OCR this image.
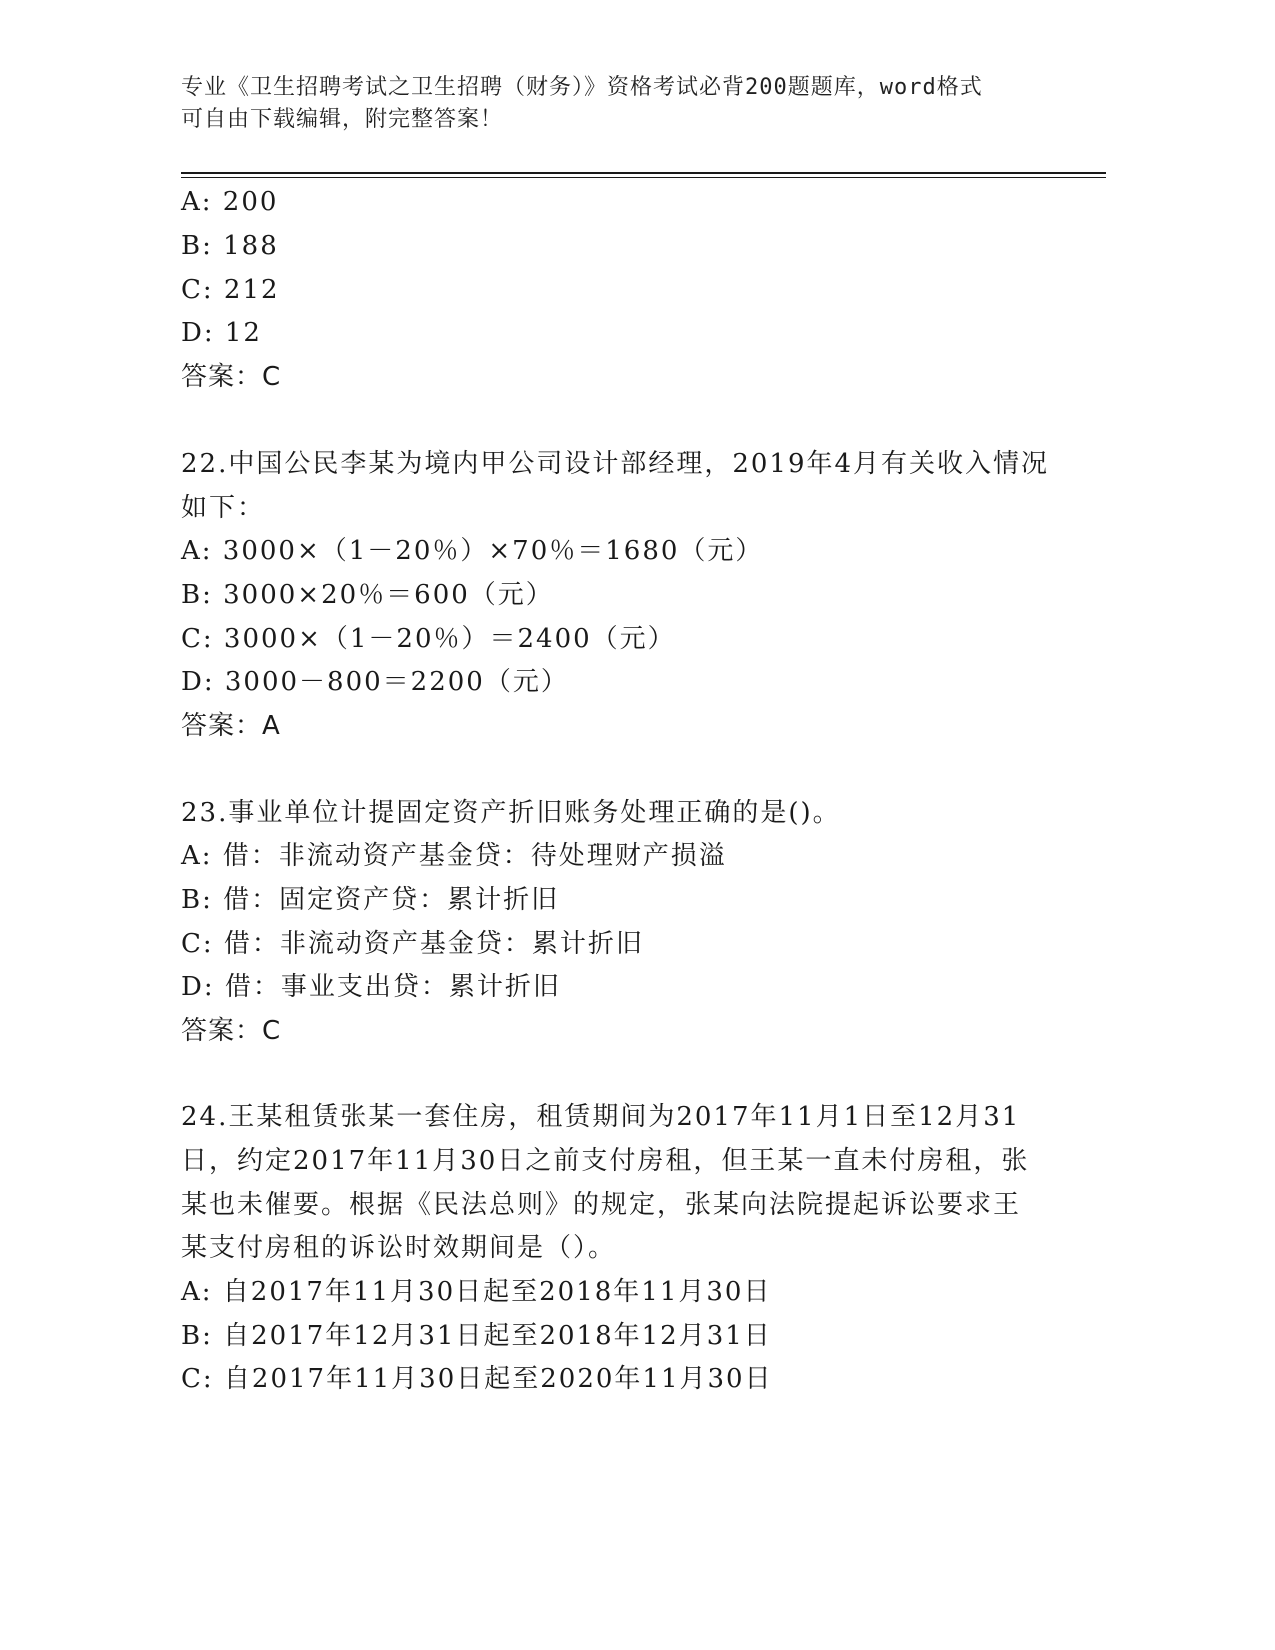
专业《卫生招聘考试之卫生招聘（财务）》资格考试必背200题题库，word格式
可自由下载编辑，附完整答案！
A: 200
B: 188
C: 212
D: 12
答案：C
22.中国公民李某为境内甲公司设计部经理，2019年4月有关收入情况
如下：
A: 3000×（1－20％）×70％＝1680（元）
B: 3000×20％＝600（元）
C: 3000×（1－20％）＝2400（元）
D: 3000－800＝2200（元）
答案：A
23.事业单位计提固定资产折旧账务处理正确的是()。
A: 借：非流动资产基金贷：待处理财产损溢
B: 借：固定资产贷：累计折旧
C: 借：非流动资产基金贷：累计折旧
D: 借：事业支出贷：累计折旧
答案：C
24.王某租赁张某一套住房，租赁期间为2017年11月1日至12月31
日，约定2017年11月30日之前支付房租，但王某一直未付房租，张
某也未催要。根据《民法总则》的规定，张某向法院提起诉讼要求王
某支付房租的诉讼时效期间是（）。
A: 自2017年11月30日起至2018年11月30日
B: 自2017年12月31日起至2018年12月31日
C: 自2017年11月30日起至2020年11月30日
